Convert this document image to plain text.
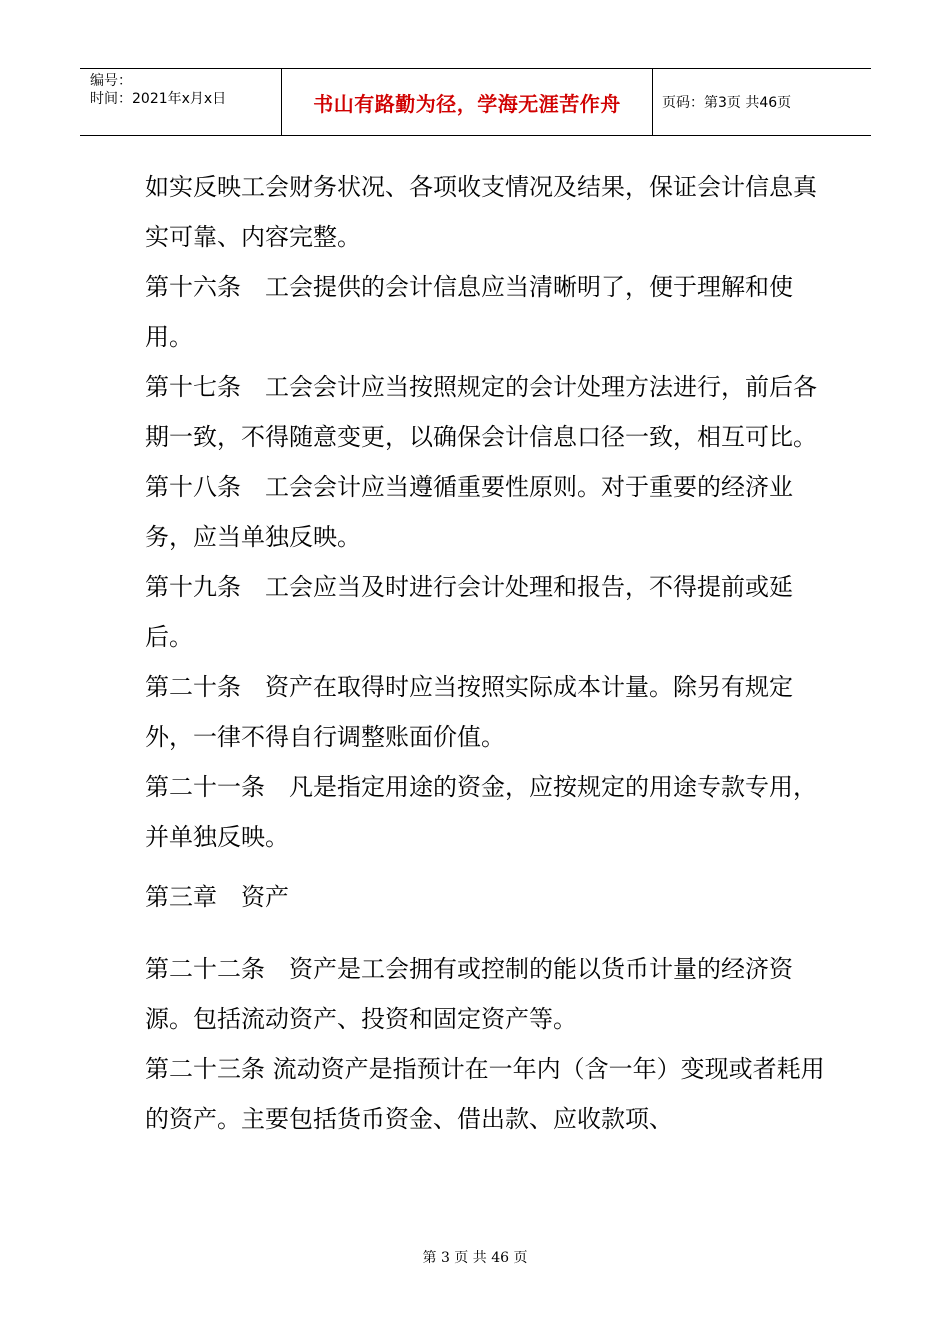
编号：
时间：2021年x月x日	书山有路勤为径，学海无涯苦作舟	页码：第3页 共46页

如实反映工会财务状况、各项收支情况及结果，保证会计信息真实可靠、内容完整。

第十六条　工会提供的会计信息应当清晰明了，便于理解和使用。

第十七条　工会会计应当按照规定的会计处理方法进行，前后各期一致，不得随意变更，以确保会计信息口径一致，相互可比。

第十八条　工会会计应当遵循重要性原则。对于重要的经济业务，应当单独反映。

第十九条　工会应当及时进行会计处理和报告，不得提前或延后。

第二十条　资产在取得时应当按照实际成本计量。除另有规定外，一律不得自行调整账面价值。

第二十一条　凡是指定用途的资金，应按规定的用途专款专用，并单独反映。

第三章　资产

第二十二条　资产是工会拥有或控制的能以货币计量的经济资源。包括流动资产、投资和固定资产等。

第二十三条 流动资产是指预计在一年内（含一年）变现或者耗用的资产。主要包括货币资金、借出款、应收款项、

第 3 页 共 46 页
